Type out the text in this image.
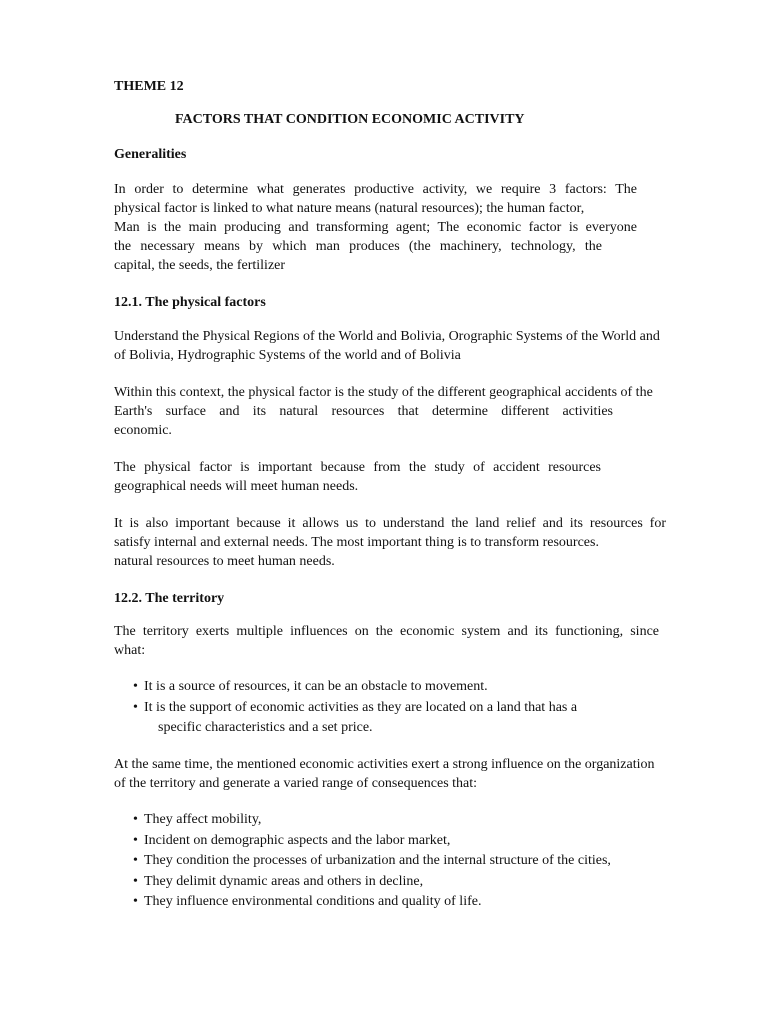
THEME 12
FACTORS THAT CONDITION ECONOMIC ACTIVITY
Generalities
In order to determine what generates productive activity, we require 3 factors: The
physical factor is linked to what nature means (natural resources); the human factor,
Man is the main producing and transforming agent; The economic factor is everyone
the necessary means by which man produces (the machinery, technology, the
capital, the seeds, the fertilizer
12.1. The physical factors
Understand the Physical Regions of the World and Bolivia, Orographic Systems of the World and
of Bolivia, Hydrographic Systems of the world and of Bolivia
Within this context, the physical factor is the study of the different geographical accidents of the
Earth's surface and its natural resources that determine different activities
economic.
The physical factor is important because from the study of accident resources
geographical needs will meet human needs.
It is also important because it allows us to understand the land relief and its resources for
satisfy internal and external needs. The most important thing is to transform resources.
natural resources to meet human needs.
12.2. The territory
The territory exerts multiple influences on the economic system and its functioning, since
what:
• It is a source of resources, it can be an obstacle to movement.
• It is the support of economic activities as they are located on a land that has a
specific characteristics and a set price.
At the same time, the mentioned economic activities exert a strong influence on the organization
of the territory and generate a varied range of consequences that:
• They affect mobility,
• Incident on demographic aspects and the labor market,
• They condition the processes of urbanization and the internal structure of the cities,
• They delimit dynamic areas and others in decline,
• They influence environmental conditions and quality of life.
